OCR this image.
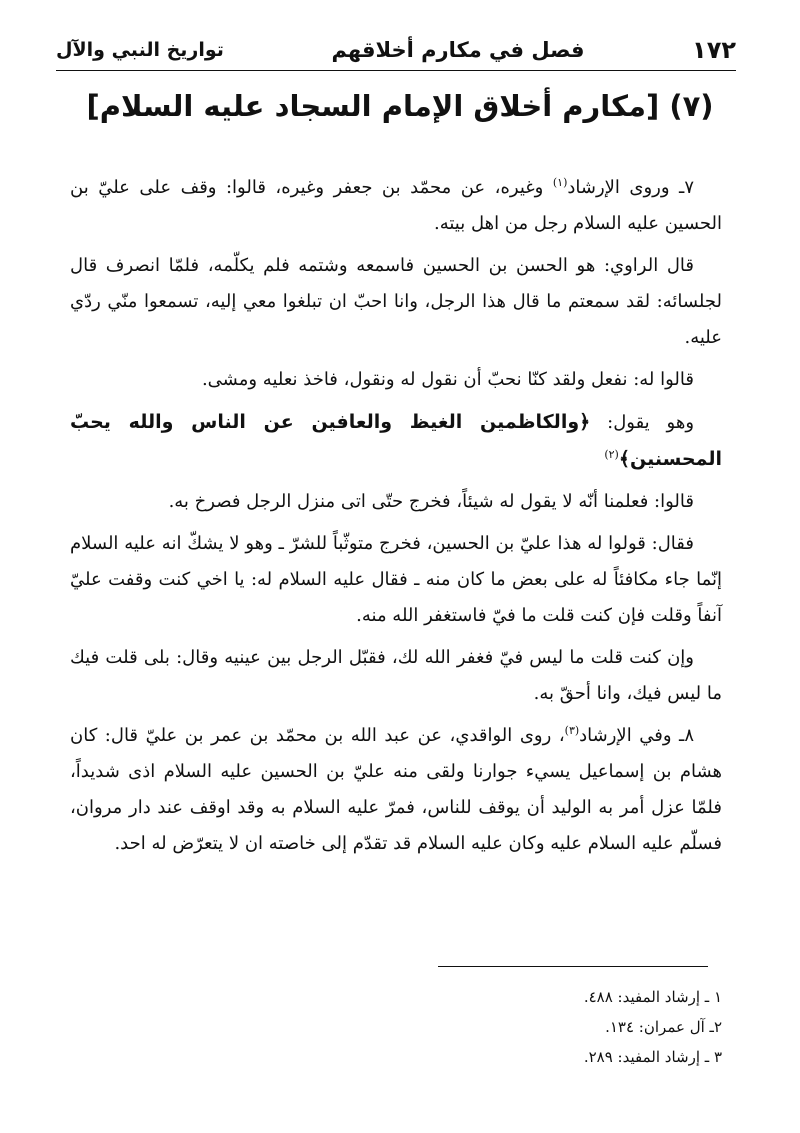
١٧٢
فصل في مكارم أخلاقهم
تواريخ النبي والآل
(٧) [مكارم أخلاق الإمام السجاد عليه السلام]

٧ـ وروى الإرشاد$^{(١)}$ وغيره، عن محمّد بن جعفر وغيره، قالوا: وقف على عليّ بن الحسين عليه السلام رجل من اهل بيته.

قال الراوي: هو الحسن بن الحسين فاسمعه وشتمه فلم يكلّمه، فلمّا انصرف قال لجلسائه: لقد سمعتم ما قال هذا الرجل، وانا احبّ ان تبلغوا معي إليه، تسمعوا منّي ردّي عليه.

قالوا له: نفعل ولقد كنّا نحبّ أن نقول له ونقول، فاخذ نعليه ومشى.

وهو يقول: ﴿والكاظمين الغيظ والعافين عن الناس والله يحبّ المحسنين﴾$^{(٢)}$

قالوا: فعلمنا أنّه لا يقول له شيئاً، فخرج حتّى اتى منزل الرجل فصرخ به.

فقال: قولوا له هذا عليّ بن الحسين، فخرج متوثّباً للشرّ ـ وهو لا يشكّ انه عليه السلام إنّما جاء مكافئاً له على بعض ما كان منه ـ فقال عليه السلام له: يا اخي كنت وقفت عليّ آنفاً وقلت فإن كنت قلت ما فيّ فاستغفر الله منه.

وإن كنت قلت ما ليس فيّ فغفر الله لك، فقبّل الرجل بين عينيه وقال: بلى قلت فيك ما ليس فيك، وانا أحقّ به.

٨ـ وفي الإرشاد$^{(٣)}$، روى الواقدي، عن عبد الله بن محمّد بن عمر بن عليّ قال: كان هشام بن إسماعيل يسيء جوارنا ولقى منه عليّ بن الحسين عليه السلام اذى شديداً، فلمّا عزل أمر به الوليد أن يوقف للناس، فمرّ عليه السلام به وقد اوقف عند دار مروان، فسلّم عليه السلام عليه وكان عليه السلام قد تقدّم إلى خاصته ان لا يتعرّض له احد.

١ ـ إرشاد المفيد: ٤٨٨.
٢ـ آل عمران: ١٣٤.
٣ ـ إرشاد المفيد: ٢٨٩.
